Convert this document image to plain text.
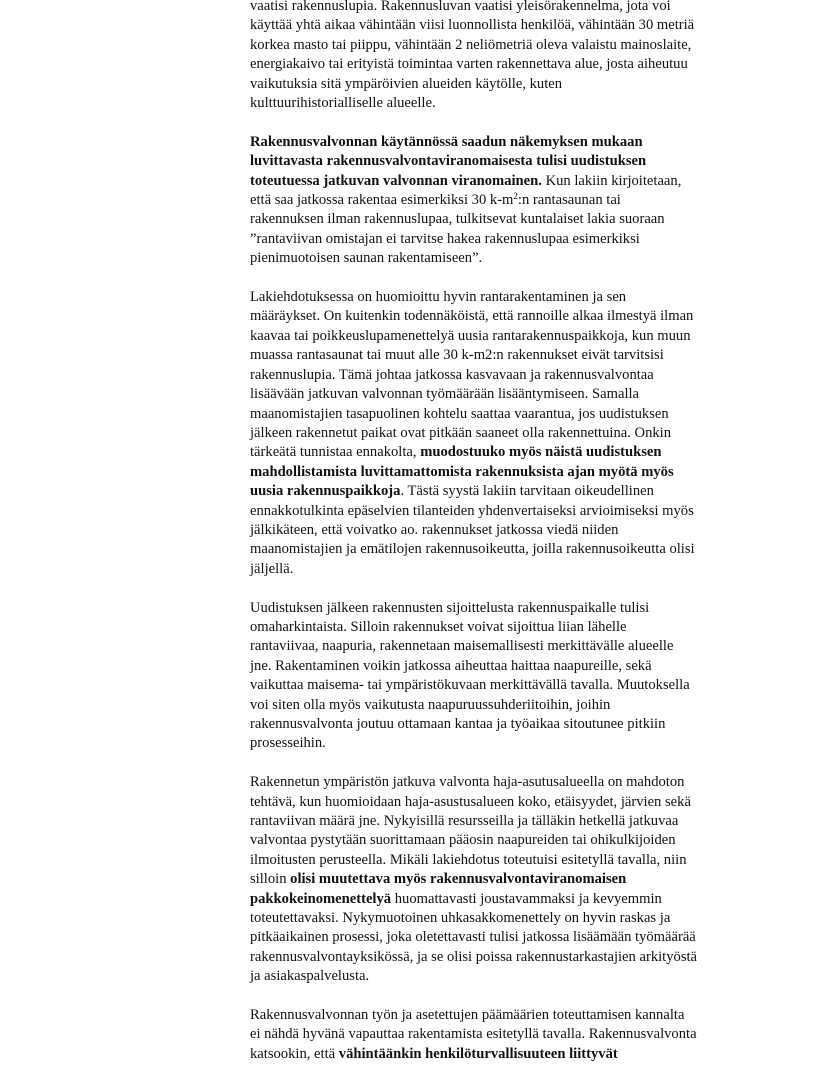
vaatisi rakennuslupia. Rakennusluvan vaatisi yleisörakennelma, jota voi
käyttää yhtä aikaa vähintään viisi luonnollista henkilöä, vähintään 30 metriä
korkea masto tai piippu, vähintään 2 neliömetriä oleva valaistu mainoslaite,
energiakaivo tai erityistä toimintaa varten rakennettava alue, josta aiheutuu
vaikutuksia sitä ympäröivien alueiden käytölle, kuten
kulttuurihistorialliselle alueelle.

Rakennusvalvonnan käytännössä saadun näkemyksen mukaan
luvittavasta rakennusvalvontaviranomaisesta tulisi uudistuksen
toteutuessa jatkuvan valvonnan viranomainen. Kun lakiin kirjoitetaan,
että saa jatkossa rakentaa esimerkiksi 30 $k-m^2:n$ rantasaunan tai
rakennuksen ilman rakennuslupaa, tulkitsevat kuntalaiset lakia suoraan
”rantaviivan omistajan ei tarvitse hakea rakennuslupaa esimerkiksi
pienimuotoisen saunan rakentamiseen”.

Lakiehdotuksessa on huomioittu hyvin rantarakentaminen ja sen
määräykset. On kuitenkin todennäköistä, että rannoille alkaa ilmestyä ilman
kaavaa tai poikkeuslupamenettelyä uusia rantarakennuspaikkoja, kun muun
muassa rantasaunat tai muut alle 30 k-m2:n rakennukset eivät tarvitsisi
rakennuslupia. Tämä johtaa jatkossa kasvavaan ja rakennusvalvontaa
lisäävään jatkuvan valvonnan työmäärään lisääntymiseen. Samalla
maanomistajien tasapuolinen kohtelu saattaa vaarantua, jos uudistuksen
jälkeen rakennetut paikat ovat pitkään saaneet olla rakennettuina. Onkin
tärkeätä tunnistaa ennakolta, muodostuuko myös näistä uudistuksen
mahdollistamista luvittamattomista rakennuksista ajan myötä myös
uusia rakennuspaikkoja. Tästä syystä lakiin tarvitaan oikeudellinen
ennakkotulkinta epäselvien tilanteiden yhdenvertaiseksi arvioimiseksi myös
jälkikäteen, että voivatko ao. rakennukset jatkossa viedä niiden
maanomistajien ja emätilojen rakennusoikeutta, joilla rakennusoikeutta olisi
jäljellä.

Uudistuksen jälkeen rakennusten sijoittelusta rakennuspaikalle tulisi
omaharkintaista. Silloin rakennukset voivat sijoittua liian lähelle
rantaviivaa, naapuria, rakennetaan maisemallisesti merkittävälle alueelle
jne. Rakentaminen voikin jatkossa aiheuttaa haittaa naapureille, sekä
vaikuttaa maisema- tai ympäristökuvaan merkittävällä tavalla. Muutoksella
voi siten olla myös vaikutusta naapuruussuhderiitoihin, joihin
rakennusvalvonta joutuu ottamaan kantaa ja työaikaa sitoutunee pitkiin
prosesseihin.

Rakennetun ympäristön jatkuva valvonta haja-asutusalueella on mahdoton
tehtävä, kun huomioidaan haja-asustusalueen koko, etäisyydet, järvien sekä
rantaviivan määrä jne. Nykyisillä resursseilla ja tälläkin hetkellä jatkuvaa
valvontaa pystytään suorittamaan pääosin naapureiden tai ohikulkijoiden
ilmoitusten perusteella. Mikäli lakiehdotus toteutuisi esitetyllä tavalla, niin
silloin olisi muutettava myös rakennusvalvontaviranomaisen
pakkokeinomenettelyä huomattavasti joustavammaksi ja kevyemmin
toteutettavaksi. Nykymuotoinen uhkasakkomenettely on hyvin raskas ja
pitkäaikainen prosessi, joka oletettavasti tulisi jatkossa lisäämään työmäärää
rakennusvalvontayksikössä, ja se olisi poissa rakennustarkastajien arkityöstä
ja asiakaspalvelusta.

Rakennusvalvonnan työn ja asetettujen päämäärien toteuttamisen kannalta
ei nähdä hyvänä vapauttaa rakentamista esitetyllä tavalla. Rakennusvalvonta
katsookin, että vähintäänkin henkilöturvallisuuteen liittyvät
